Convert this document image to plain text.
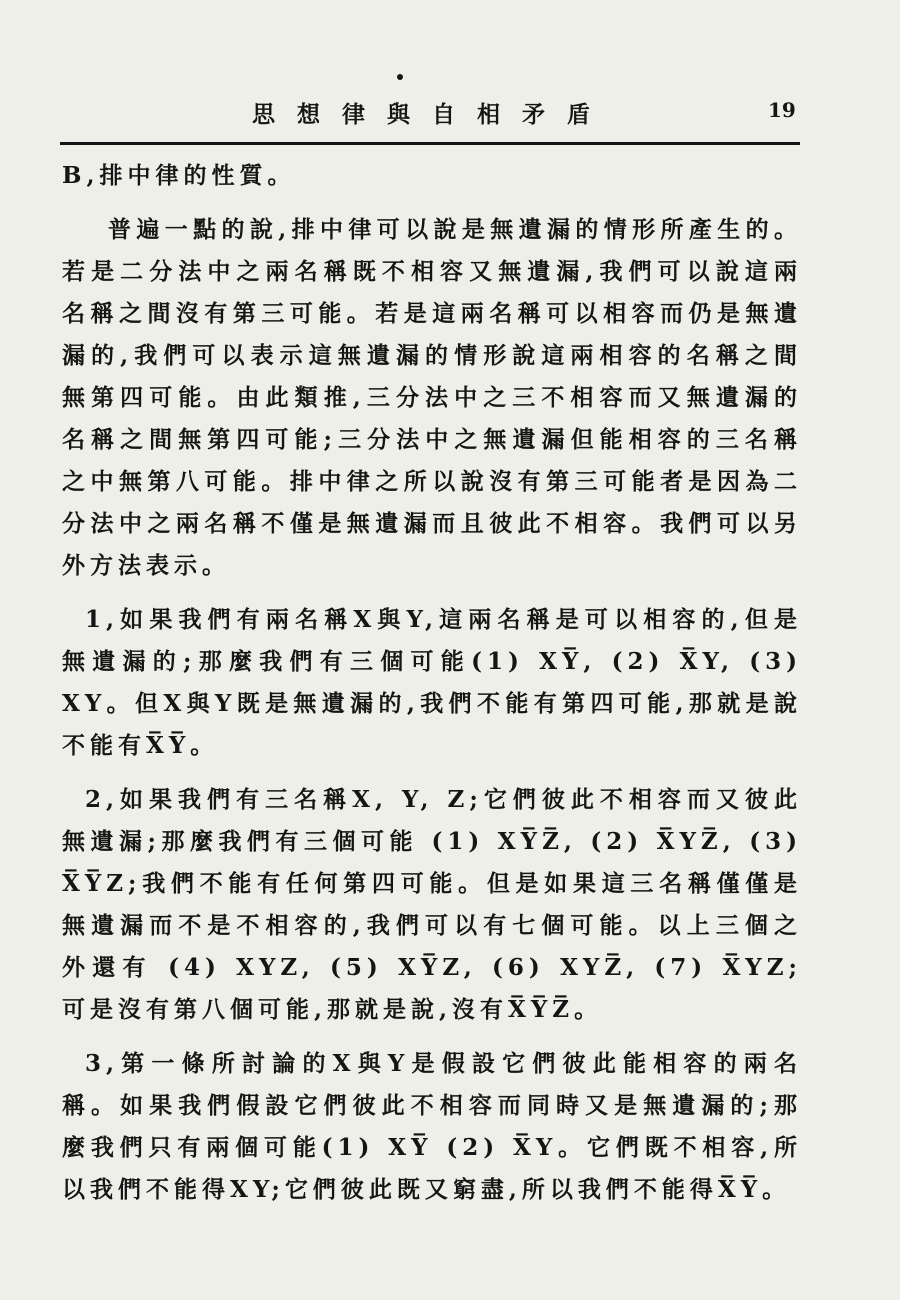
思想律與自相矛盾	19
B,排中律的性質。

普遍一點的說,排中律可以說是無遺漏的情形所產生的。若是二分法中之兩名稱既不相容又無遺漏,我們可以說這兩名稱之間沒有第三可能。若是這兩名稱可以相容而仍是無遺漏的,我們可以表示這無遺漏的情形說這兩相容的名稱之間無第四可能。由此類推,三分法中之三不相容而又無遺漏的名稱之間無第四可能;三分法中之無遺漏但能相容的三名稱之中無第八可能。排中律之所以說沒有第三可能者是因為二分法中之兩名稱不僅是無遺漏而且彼此不相容。我們可以另外方法表示。

1,如果我們有兩名稱X與Y,這兩名稱是可以相容的,但是無遺漏的;那麼我們有三個可能(1) XY̅, (2) X̅Y, (3) XY。但X與Y既是無遺漏的,我們不能有第四可能,那就是說不能有X̅Y̅。

2,如果我們有三名稱X, Y, Z;它們彼此不相容而又彼此無遺漏;那麼我們有三個可能 (1) XY̅Z̅, (2) X̅YZ̅, (3) X̅Y̅Z;我們不能有任何第四可能。但是如果這三名稱僅僅是無遺漏而不是不相容的,我們可以有七個可能。以上三個之外還有 (4) XYZ, (5) XY̅Z, (6) XYZ̅, (7) X̅YZ;可是沒有第八個可能,那就是說,沒有X̅Y̅Z̅。

3,第一條所討論的X與Y是假設它們彼此能相容的兩名稱。如果我們假設它們彼此不相容而同時又是無遺漏的;那麼我們只有兩個可能(1) XY̅ (2) X̅Y。它們既不相容,所以我們不能得XY;它們彼此既又窮盡,所以我們不能得X̅Y̅。
